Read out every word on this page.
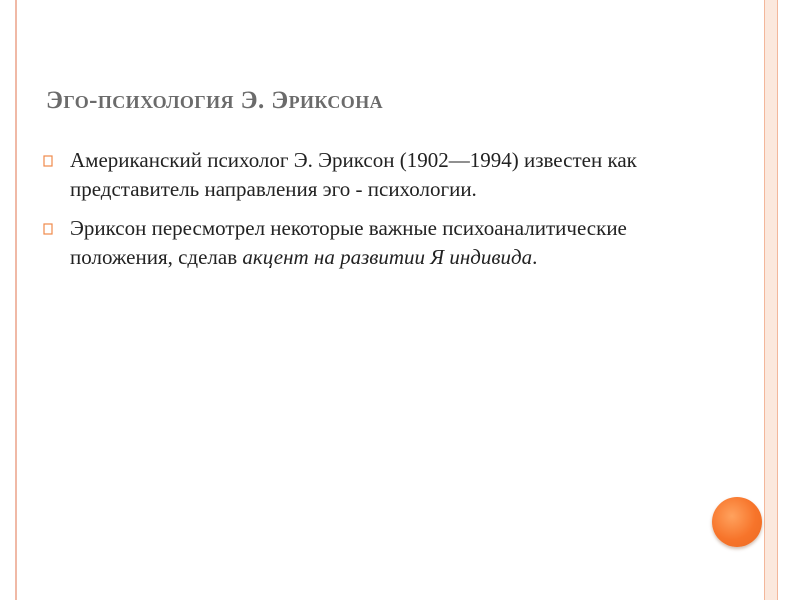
Эго-психология Э. Эриксона
Американский психолог Э. Эриксон (1902—1994) известен как представитель направления эго - психологии.
Эриксон пересмотрел некоторые важные психоаналитические положения, сделав акцент на развитии Я индивида.
